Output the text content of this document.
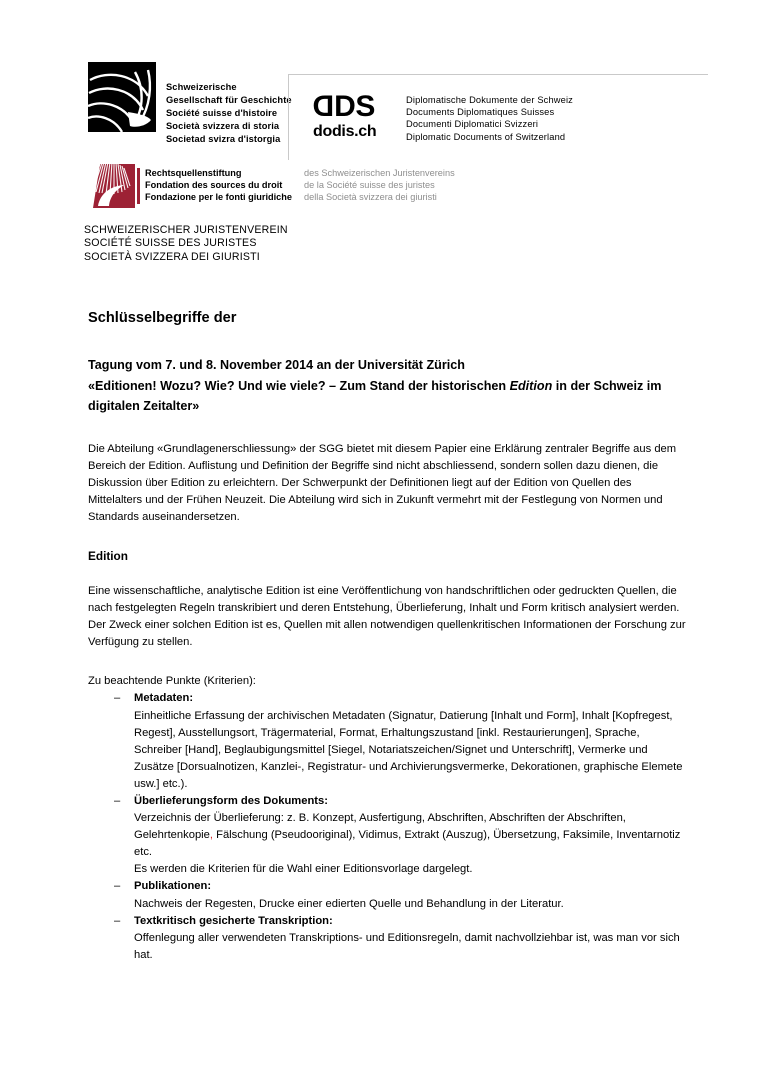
Schweizerische
Gesellschaft für Geschichte
Société suisse d'histoire
Società svizzera di storia
Societad svizra d'istorgia
DDS
dodis.ch
Diplomatische Dokumente der Schweiz
Documents Diplomatiques Suisses
Documenti Diplomatici Svizzeri
Diplomatic Documents of Switzerland
Rechtsquellenstiftung
Fondation des sources du droit
Fondazione per le fonti giuridiche
des Schweizerischen Juristenvereins
de la Société suisse des juristes
della Società svizzera dei giuristi
SCHWEIZERISCHER JURISTENVEREIN
SOCIÉTÉ SUISSE DES JURISTES
SOCIETÀ SVIZZERA DEI GIURISTI
Schlüsselbegriffe der
Tagung vom 7. und 8. November 2014 an der Universität Zürich
«Editionen! Wozu? Wie? Und wie viele? – Zum Stand der historischen Edition in der Schweiz im digitalen Zeitalter»

Die Abteilung «Grundlagenerschliessung» der SGG bietet mit diesem Papier eine Erklärung zentraler Begriffe aus dem Bereich der Edition. Auflistung und Definition der Begriffe sind nicht abschliessend, sondern sollen dazu dienen, die Diskussion über Edition zu erleichtern. Der Schwerpunkt der Definitionen liegt auf der Edition von Quellen des Mittelalters und der Frühen Neuzeit. Die Abteilung wird sich in Zukunft vermehrt mit der Festlegung von Normen und Standards auseinandersetzen.

Edition

Eine wissenschaftliche, analytische Edition ist eine Veröffentlichung von handschriftlichen oder gedruckten Quellen, die nach festgelegten Regeln transkribiert und deren Entstehung, Überlieferung, Inhalt und Form kritisch analysiert werden. Der Zweck einer solchen Edition ist es, Quellen mit allen notwendigen quellenkritischen Informationen der Forschung zur Verfügung zu stellen.

Zu beachtende Punkte (Kriterien):

– Metadaten:
Einheitliche Erfassung der archivischen Metadaten (Signatur, Datierung [Inhalt und Form], Inhalt [Kopfregest, Regest], Ausstellungsort, Trägermaterial, Format, Erhaltungszustand [inkl. Restaurierungen], Sprache, Schreiber [Hand], Beglaubigungsmittel [Siegel, Notariatszeichen/Signet und Unterschrift], Vermerke und Zusätze [Dorsualnotizen, Kanzlei-, Registratur- und Archivierungsvermerke, Dekorationen, graphische Elemete usw.] etc.).
– Überlieferungsform des Dokuments:
Verzeichnis der Überlieferung: z. B. Konzept, Ausfertigung, Abschriften, Abschriften der Abschriften, Gelehrtenkopie, Fälschung (Pseudooriginal), Vidimus, Extrakt (Auszug), Übersetzung, Faksimile, Inventarnotiz etc.
Es werden die Kriterien für die Wahl einer Editionsvorlage dargelegt.
– Publikationen:
Nachweis der Regesten, Drucke einer edierten Quelle und Behandlung in der Literatur.
– Textkritisch gesicherte Transkription:
Offenlegung aller verwendeten Transkriptions- und Editionsregeln, damit nachvollziehbar ist, was man vor sich hat.
